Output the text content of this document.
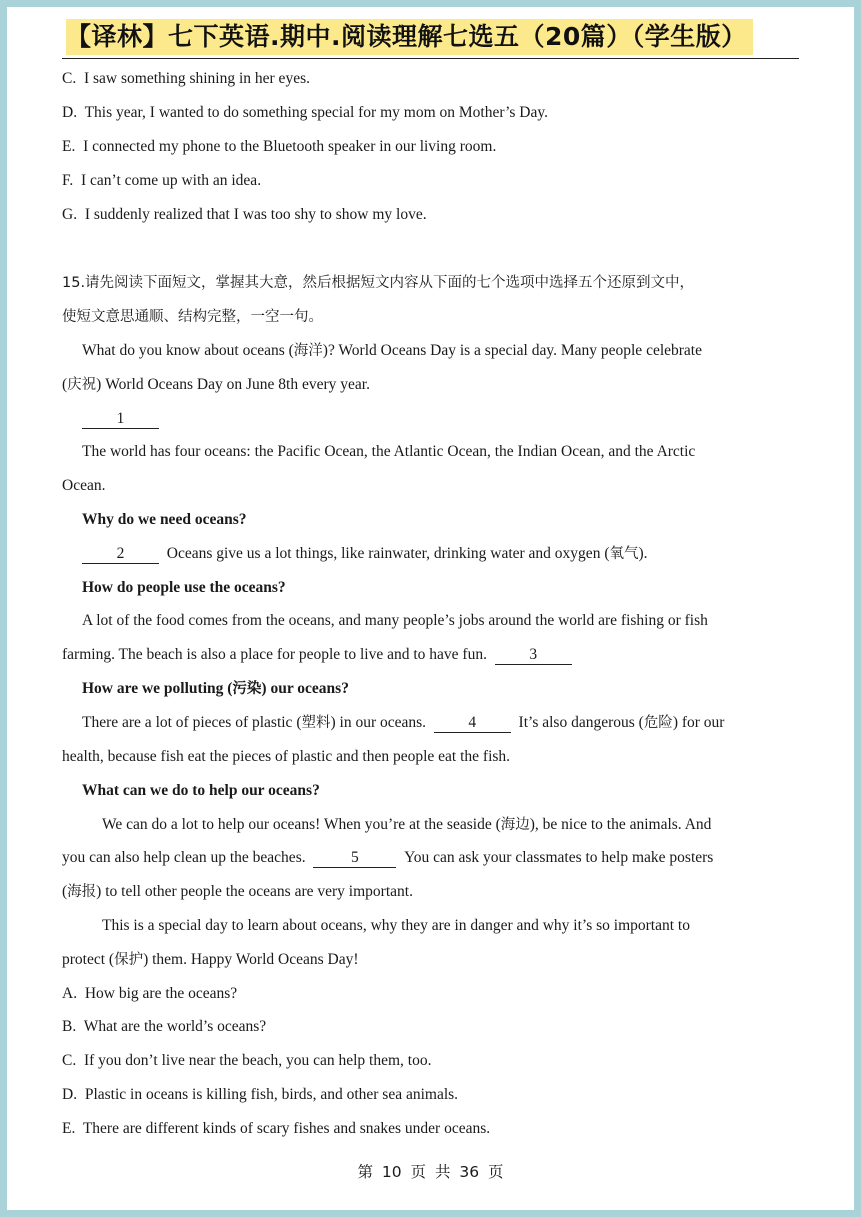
【译林】七下英语.期中.阅读理解七选五（20篇）（学生版）
C. I saw something shining in her eyes.
D. This year, I wanted to do something special for my mom on Mother’s Day.
E. I connected my phone to the Bluetooth speaker in our living room.
F. I can’t come up with an idea.
G. I suddenly realized that I was too shy to show my love.
15.请先阅读下面短文，掌握其大意，然后根据短文内容从下面的七个选项中选择五个还原到文中，
使短文意思通顺、结构完整，一空一句。
What do you know about oceans (海洋)? World Oceans Day is a special day. Many people celebrate
(庆祝) World Oceans Day on June 8th every year.
1
The world has four oceans: the Pacific Ocean, the Atlantic Ocean, the Indian Ocean, and the Arctic
Ocean.
Why do we need oceans?
2	Oceans give us a lot things, like rainwater, drinking water and oxygen (氧气).
How do people use the oceans?
A lot of the food comes from the oceans, and many people’s jobs around the world are fishing or fish
farming. The beach is also a place for people to live and to have fun.	3
How are we polluting (污染) our oceans?
There are a lot of pieces of plastic (塑料) in our oceans.	4	It’s also dangerous (危险) for our
health, because fish eat the pieces of plastic and then people eat the fish.
What can we do to help our oceans?
We can do a lot to help our oceans! When you’re at the seaside (海边), be nice to the animals. And
you can also help clean up the beaches.	5	You can ask your classmates to help make posters
(海报) to tell other people the oceans are very important.
This is a special day to learn about oceans, why they are in danger and why it’s so important to
protect (保护) them. Happy World Oceans Day!
A. How big are the oceans?
B. What are the world’s oceans?
C. If you don’t live near the beach, you can help them, too.
D. Plastic in oceans is killing fish, birds, and other sea animals.
E. There are different kinds of scary fishes and snakes under oceans.
第 10 页 共 36 页
